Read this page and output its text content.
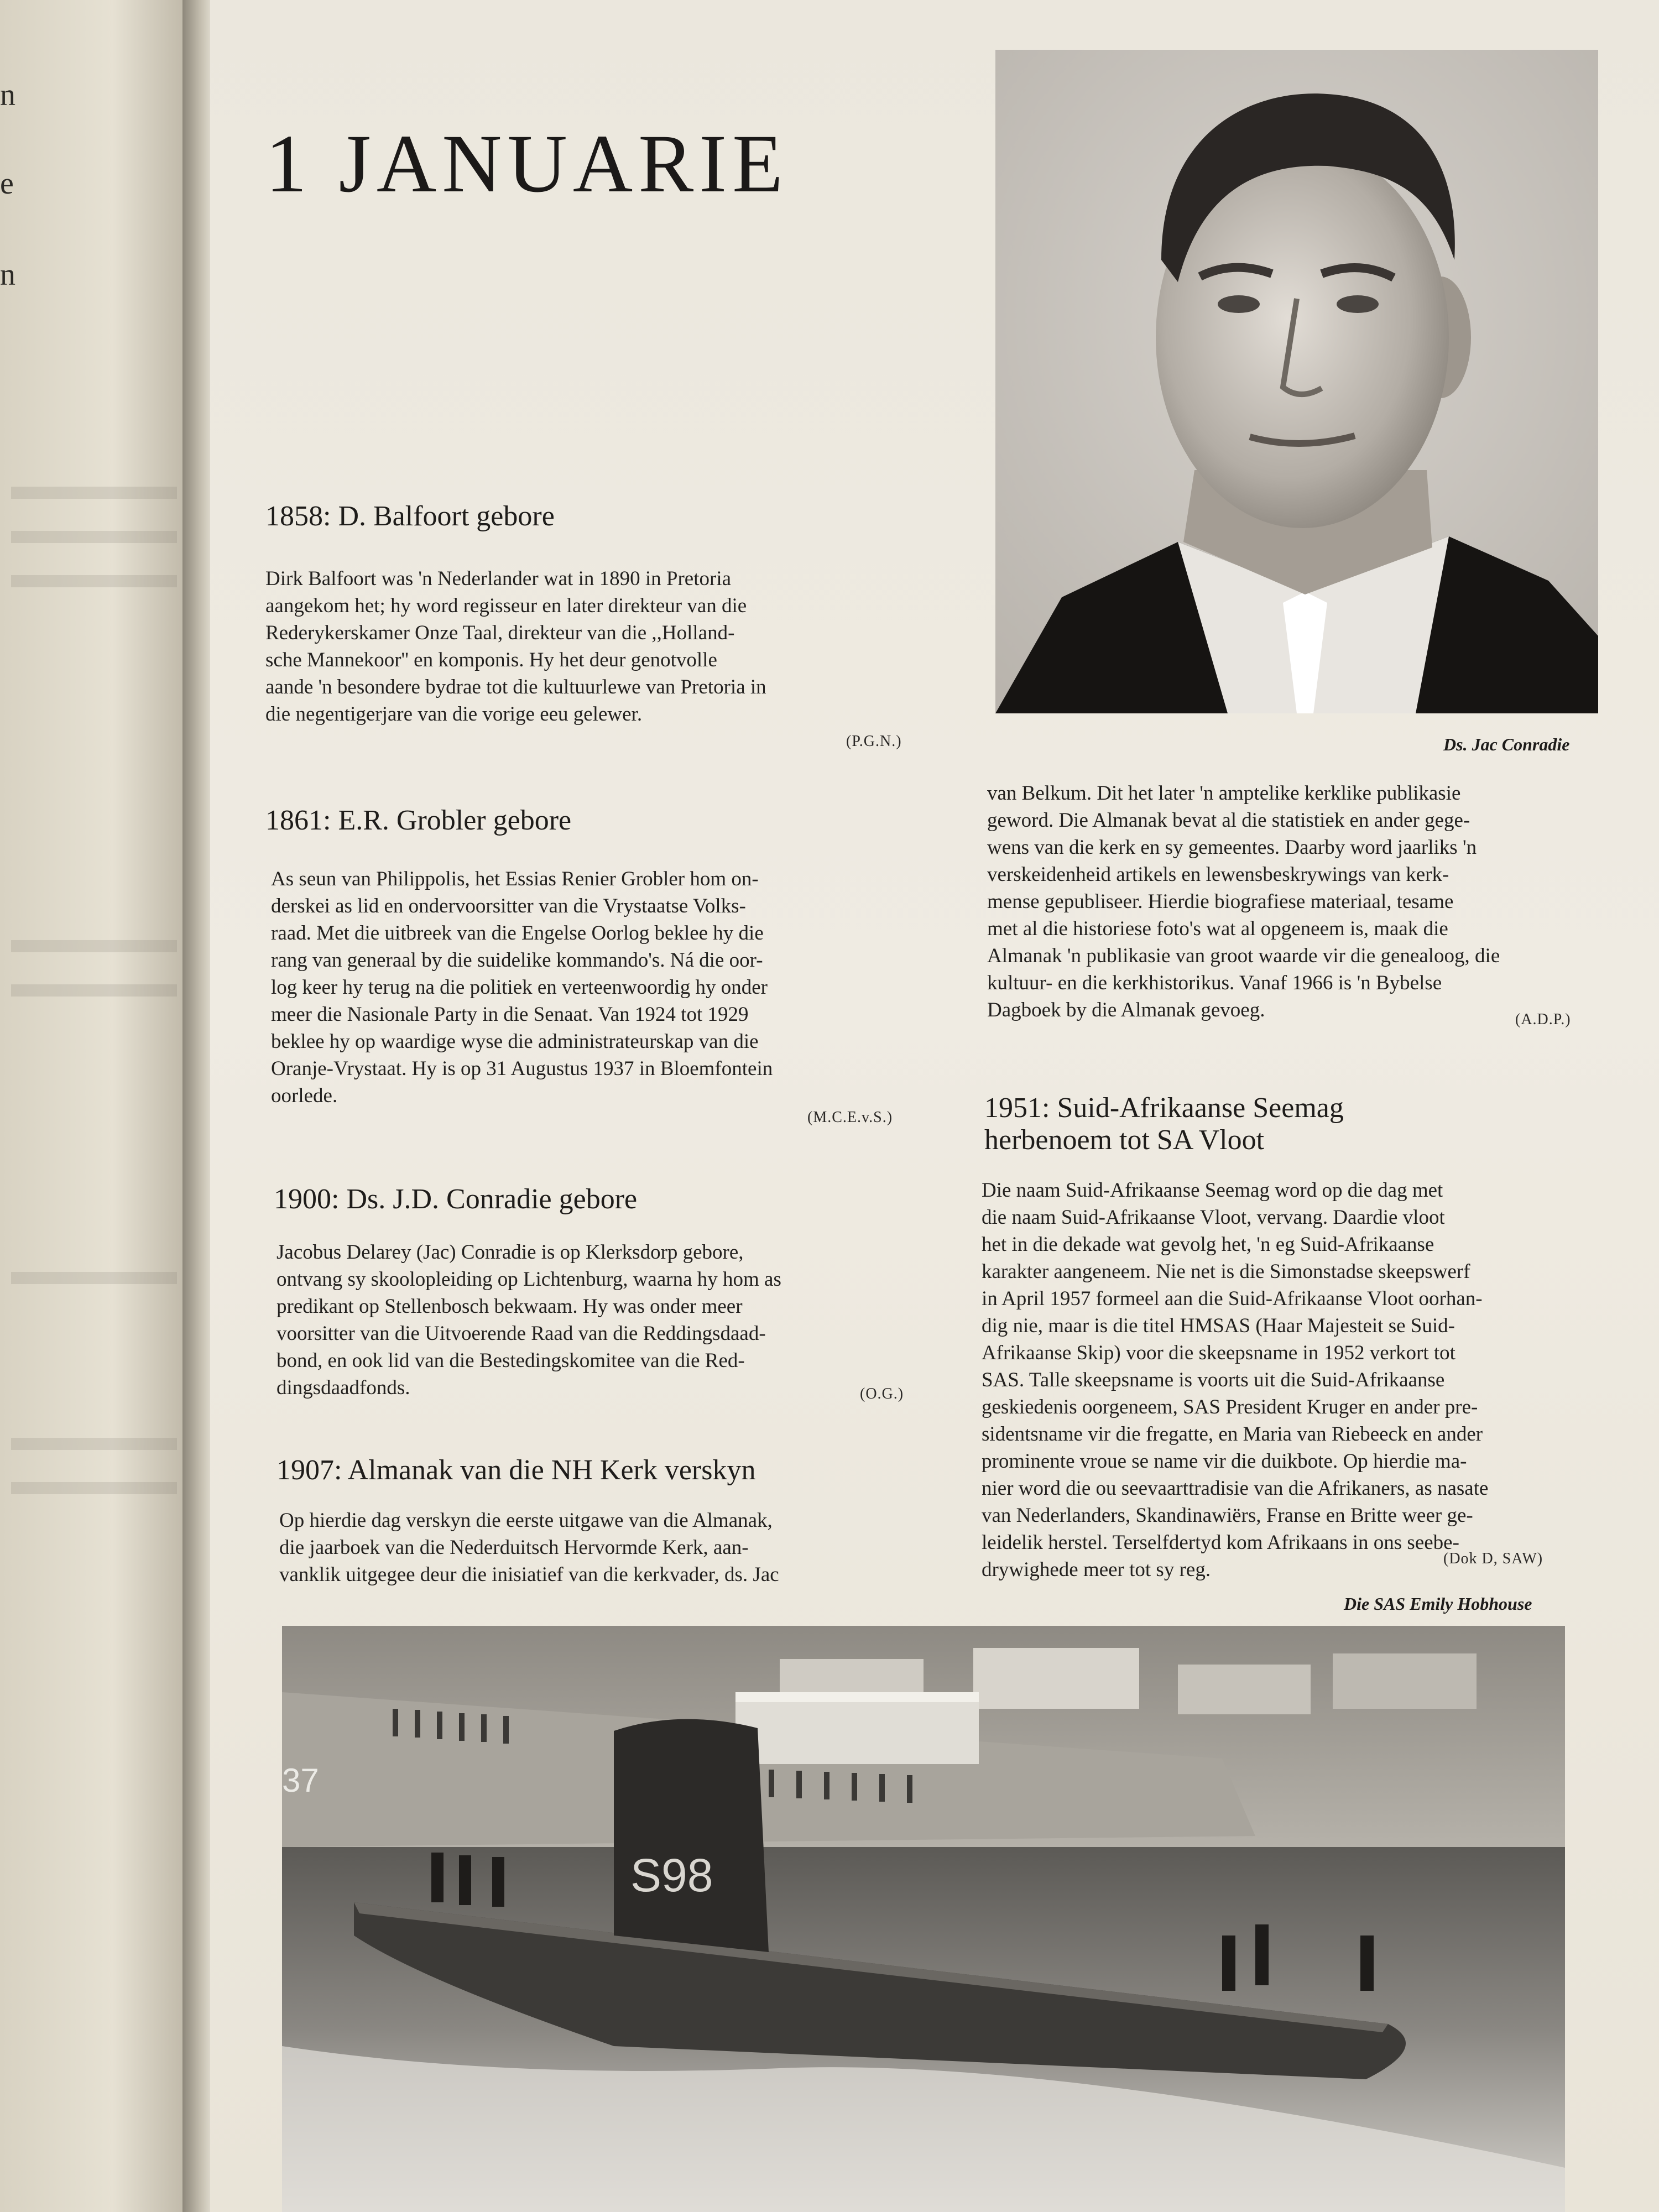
n
e
n
1 JANUARIE
1858: D. Balfoort gebore
Dirk Balfoort was 'n Nederlander wat in 1890 in Pretoria
aangekom het; hy word regisseur en later direkteur van die
Rederykerskamer Onze Taal, direkteur van die ,,Holland-
sche Mannekoor'' en komponis. Hy het deur genotvolle
aande 'n besondere bydrae tot die kultuurlewe van Pretoria in
die negentigerjare van die vorige eeu gelewer.
(P.G.N.)
1861: E.R. Grobler gebore
As seun van Philippolis, het Essias Renier Grobler hom on-
derskei as lid en ondervoorsitter van die Vrystaatse Volks-
raad. Met die uitbreek van die Engelse Oorlog beklee hy die
rang van generaal by die suidelike kommando's. Ná die oor-
log keer hy terug na die politiek en verteenwoordig hy onder
meer die Nasionale Party in die Senaat. Van 1924 tot 1929
beklee hy op waardige wyse die administrateurskap van die
Oranje-Vrystaat. Hy is op 31 Augustus 1937 in Bloemfontein
oorlede.
(M.C.E.v.S.)
1900: Ds. J.D. Conradie gebore
Jacobus Delarey (Jac) Conradie is op Klerksdorp gebore,
ontvang sy skoolopleiding op Lichtenburg, waarna hy hom as
predikant op Stellenbosch bekwaam. Hy was onder meer
voorsitter van die Uitvoerende Raad van die Reddingsdaad-
bond, en ook lid van die Bestedingskomitee van die Red-
dingsdaadfonds.	(O.G.)
1907: Almanak van die NH Kerk verskyn
Op hierdie dag verskyn die eerste uitgawe van die Almanak,
die jaarboek van die Nederduitsch Hervormde Kerk, aan-
vanklik uitgegee deur die inisiatief van die kerkvader, ds. Jac
Ds. Jac Conradie
van Belkum. Dit het later 'n amptelike kerklike publikasie
geword. Die Almanak bevat al die statistiek en ander gege-
wens van die kerk en sy gemeentes. Daarby word jaarliks 'n
verskeidenheid artikels en lewensbeskrywings van kerk-
mense gepubliseer. Hierdie biografiese materiaal, tesame
met al die historiese foto's wat al opgeneem is, maak die
Almanak 'n publikasie van groot waarde vir die genealoog, die
kultuur- en die kerkhistorikus. Vanaf 1966 is 'n Bybelse
Dagboek by die Almanak gevoeg.	(A.D.P.)
1951: Suid-Afrikaanse Seemag
herbenoem tot SA Vloot
Die naam Suid-Afrikaanse Seemag word op die dag met
die naam Suid-Afrikaanse Vloot, vervang. Daardie vloot
het in die dekade wat gevolg het, 'n eg Suid-Afrikaanse
karakter aangeneem. Nie net is die Simonstadse skeepswerf
in April 1957 formeel aan die Suid-Afrikaanse Vloot oorhan-
dig nie, maar is die titel HMSAS (Haar Majesteit se Suid-
Afrikaanse Skip) voor die skeepsname in 1952 verkort tot
SAS. Talle skeepsname is voorts uit die Suid-Afrikaanse
geskiedenis oorgeneem, SAS President Kruger en ander pre-
sidentsname vir die fregatte, en Maria van Riebeeck en ander
prominente vroue se name vir die duikbote. Op hierdie ma-
nier word die ou seevaarttradisie van die Afrikaners, as nasate
van Nederlanders, Skandinawiërs, Franse en Britte weer ge-
leidelik herstel. Terselfdertyd kom Afrikaans in ons seebe-
drywighede meer tot sy reg.	(Dok D, SAW)
Die SAS Emily Hobhouse
37
S98
